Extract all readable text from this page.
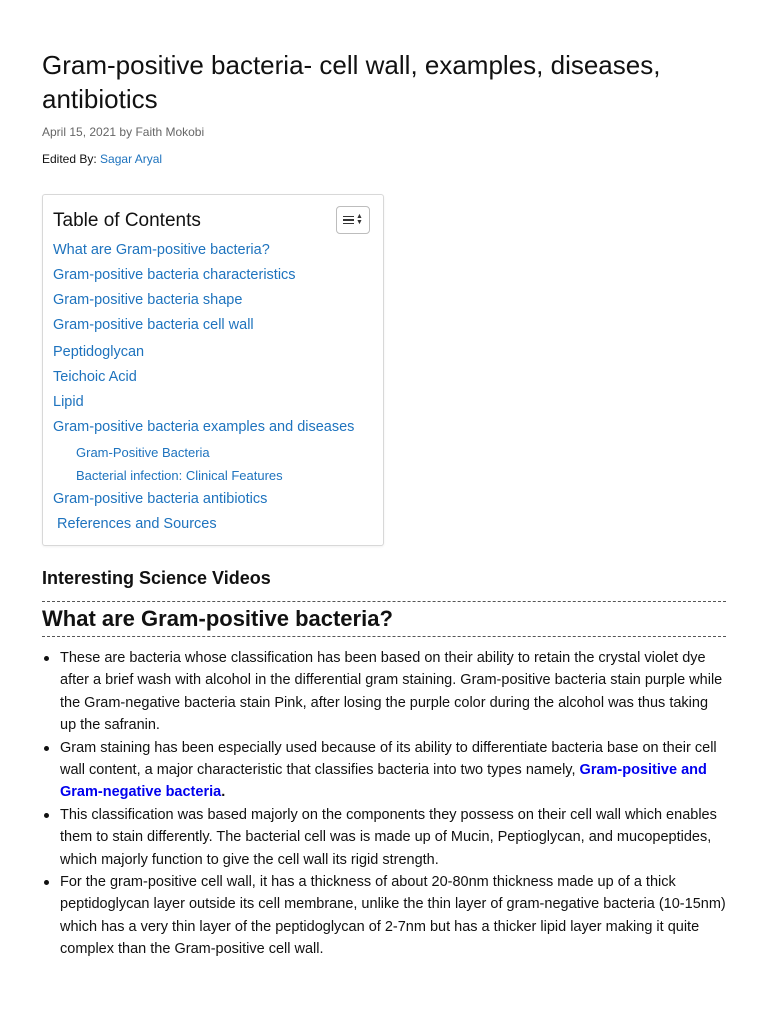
Gram-positive bacteria- cell wall, examples, diseases, antibiotics
April 15, 2021 by Faith Mokobi
Edited By: Sagar Aryal
Table of Contents	▲
▼
What are Gram-positive bacteria?
Gram-positive bacteria characteristics
Gram-positive bacteria shape
Gram-positive bacteria cell wall
Peptidoglycan
Teichoic Acid
Lipid
Gram-positive bacteria examples and diseases
Gram-Positive Bacteria
Bacterial infection: Clinical Features
Gram-positive bacteria antibiotics
References and Sources
Interesting Science Videos
What are Gram-positive bacteria?
These are bacteria whose classification has been based on their ability to retain the crystal violet dye after a brief wash with alcohol in the differential gram staining. Gram-positive bacteria stain purple while the Gram-negative bacteria stain Pink, after losing the purple color during the alcohol was thus taking up the safranin.
Gram staining has been especially used because of its ability to differentiate bacteria base on their cell wall content, a major characteristic that classifies bacteria into two types namely, Gram-positive and Gram-negative bacteria.
This classification was based majorly on the components they possess on their cell wall which enables them to stain differently. The bacterial cell was is made up of Mucin, Peptioglycan, and mucopeptides, which majorly function to give the cell wall its rigid strength.
For the gram-positive cell wall, it has a thickness of about 20-80nm thickness made up of a thick peptidoglycan layer outside its cell membrane, unlike the thin layer of gram-negative bacteria (10-15nm) which has a very thin layer of the peptidoglycan of 2-7nm but has a thicker lipid layer making it quite complex than the Gram-positive cell wall.
